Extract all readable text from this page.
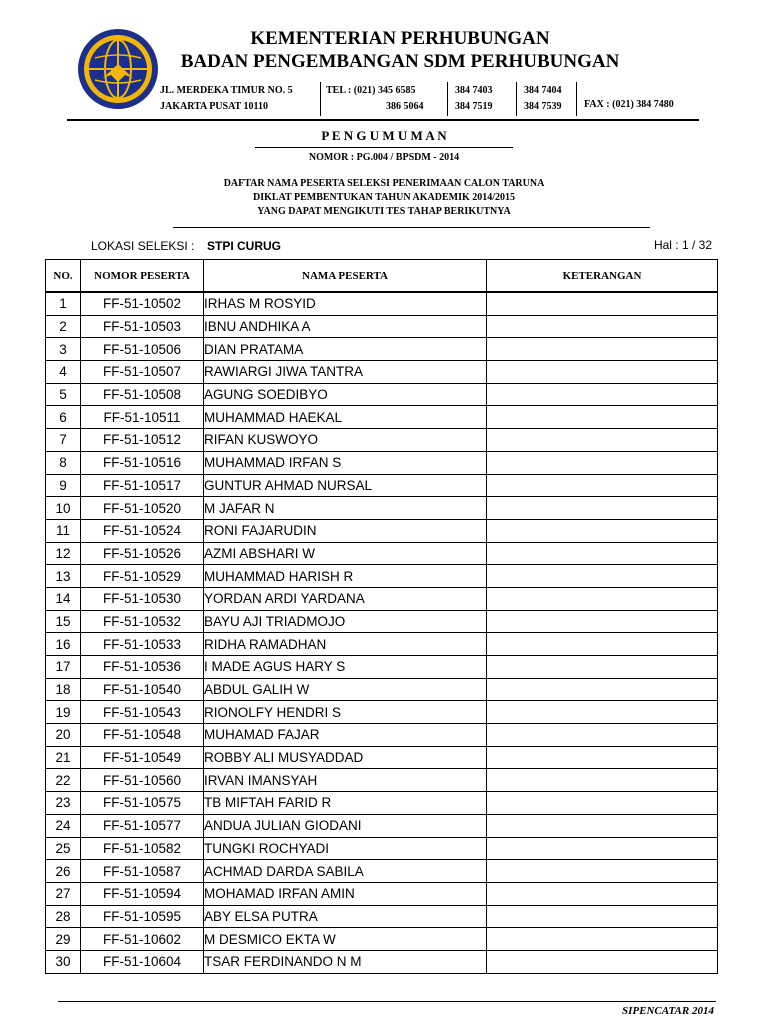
KEMENTERIAN PERHUBUNGAN
BADAN PENGEMBANGAN SDM PERHUBUNGAN
JL. MERDEKA TIMUR NO. 5
JAKARTA PUSAT 10110
TEL : (021) 345 6585
386 5064
384 7403
384 7519
384 7404
384 7539 FAX : (021) 384 7480
P E N G U M U M A N
NOMOR : PG.004 / BPSDM - 2014
DAFTAR NAMA PESERTA SELEKSI PENERIMAAN CALON TARUNA
DIKLAT PEMBENTUKAN TAHUN AKADEMIK 2014/2015
YANG DAPAT MENGIKUTI TES TAHAP BERIKUTNYA
LOKASI SELEKSI : STPI CURUG	Hal : 1 / 32
NO.	NOMOR PESERTA	NAMA PESERTA	KETERANGAN
1	FF-51-10502	IRHAS M ROSYID	
2	FF-51-10503	IBNU ANDHIKA A	
3	FF-51-10506	DIAN PRATAMA	
4	FF-51-10507	RAWIARGI JIWA TANTRA	
5	FF-51-10508	AGUNG SOEDIBYO	
6	FF-51-10511	MUHAMMAD HAEKAL	
7	FF-51-10512	RIFAN KUSWOYO	
8	FF-51-10516	MUHAMMAD IRFAN S	
9	FF-51-10517	GUNTUR AHMAD NURSAL	
10	FF-51-10520	M JAFAR N	
11	FF-51-10524	RONI FAJARUDIN	
12	FF-51-10526	AZMI ABSHARI W	
13	FF-51-10529	MUHAMMAD HARISH R	
14	FF-51-10530	YORDAN ARDI YARDANA	
15	FF-51-10532	BAYU AJI TRIADMOJO	
16	FF-51-10533	RIDHA RAMADHAN	
17	FF-51-10536	I MADE AGUS HARY S	
18	FF-51-10540	ABDUL GALIH W	
19	FF-51-10543	RIONOLFY HENDRI S	
20	FF-51-10548	MUHAMAD FAJAR	
21	FF-51-10549	ROBBY ALI MUSYADDAD	
22	FF-51-10560	IRVAN IMANSYAH	
23	FF-51-10575	TB MIFTAH FARID R	
24	FF-51-10577	ANDUA JULIAN GIODANI	
25	FF-51-10582	TUNGKI ROCHYADI	
26	FF-51-10587	ACHMAD DARDA SABILA	
27	FF-51-10594	MOHAMAD IRFAN AMIN	
28	FF-51-10595	ABY ELSA PUTRA	
29	FF-51-10602	M DESMICO EKTA W	
30	FF-51-10604	TSAR FERDINANDO N M	
SIPENCATAR 2014
